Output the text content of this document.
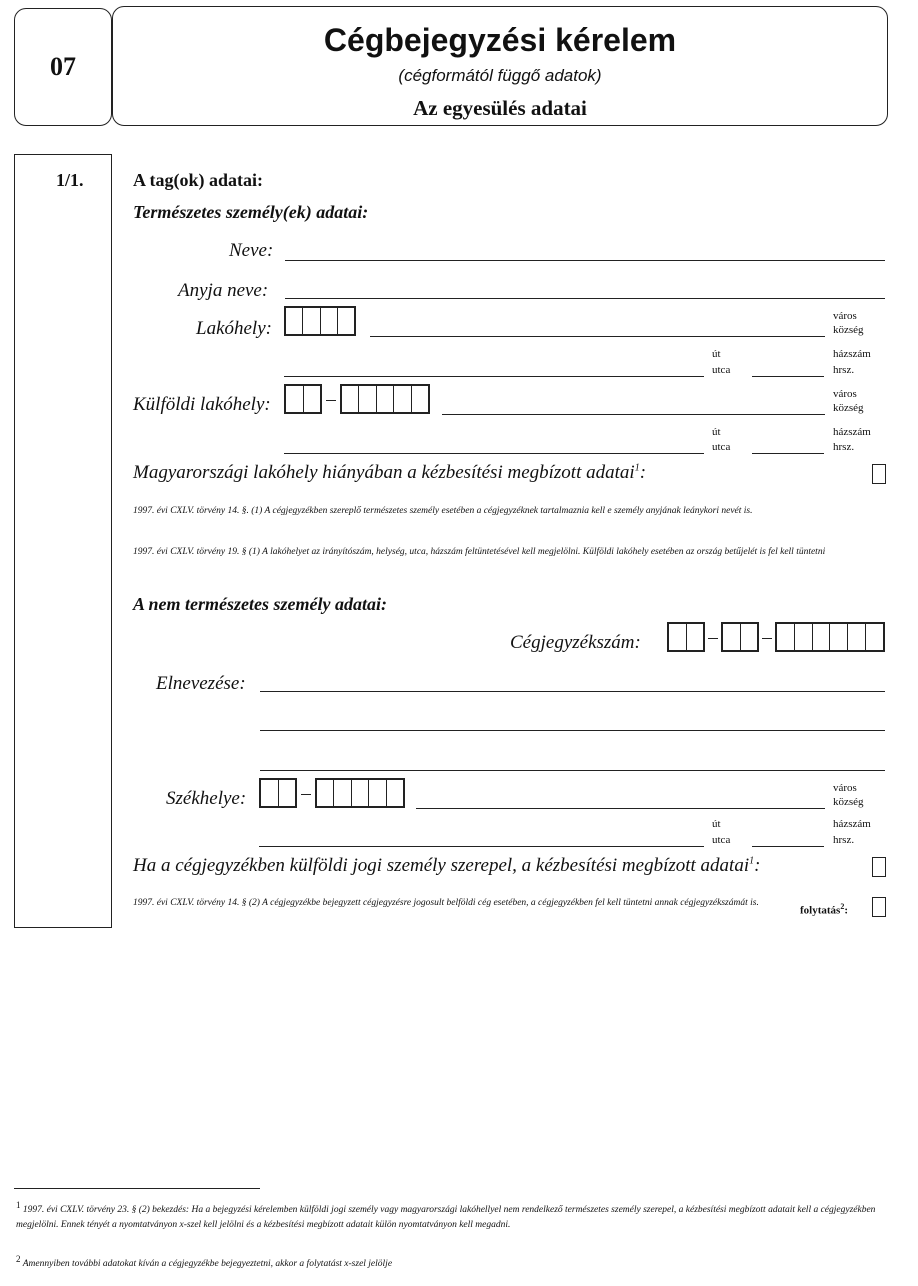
07
Cégbejegyzési kérelem
(cégformától függő adatok)
Az egyesülés adatai
1/1.	A tag(ok) adatai:
Természetes személy(ek) adatai:
Neve:
Anyja neve:
Lakóhely:
város
község
út
utca
házszám
hrsz.
Külföldi lakóhely:	város
község
út
utca
házszám
hrsz.
Magyarországi lakóhely hiányában a kézbesítési megbízott adatai$^1$:
1997. évi CXLV. törvény 14. §. (1) A cégjegyzékben szereplő természetes személy esetében a cégjegyzéknek tartalmaznia kell e személy anyjának leánykori nevét is.
1997. évi CXLV. törvény 19. § (1) A lakóhelyet az irányítószám, helység, utca, házszám feltüntetésével kell megjelölni. Külföldi lakóhely esetében az ország betűjelét is fel kell tüntetni
A nem természetes személy adatai:
Cégjegyzékszám:
Elnevezése:
Székhelye:	város
község
út
utca
házszám
hrsz.
Ha a cégjegyzékben külföldi jogi személy szerepel, a kézbesítési megbízott adatai$^1$:
1997. évi CXLV. törvény 14. § (2) A cégjegyzékbe bejegyzett cégjegyzésre jogosult belföldi cég esetében, a cégjegyzékben fel kell tüntetni annak cégjegyzékszámát is.
folytatás$^2$:
$^1$ 1997. évi CXLV. törvény 23. § (2) bekezdés: Ha a bejegyzési kérelemben külföldi jogi személy vagy magyarországi lakóhellyel nem rendelkező természetes személy szerepel, a kézbesítési megbízott adatait kell a cégjegyzékben megjelölni. Ennek tényét a nyomtatványon x-szel kell jelölni és a kézbesítési megbízott adatait külön nyomtatványon kell megadni.
$^2$ Amennyiben további adatokat kíván a cégjegyzékbe bejegyeztetni, akkor a folytatást x-szel jelölje
